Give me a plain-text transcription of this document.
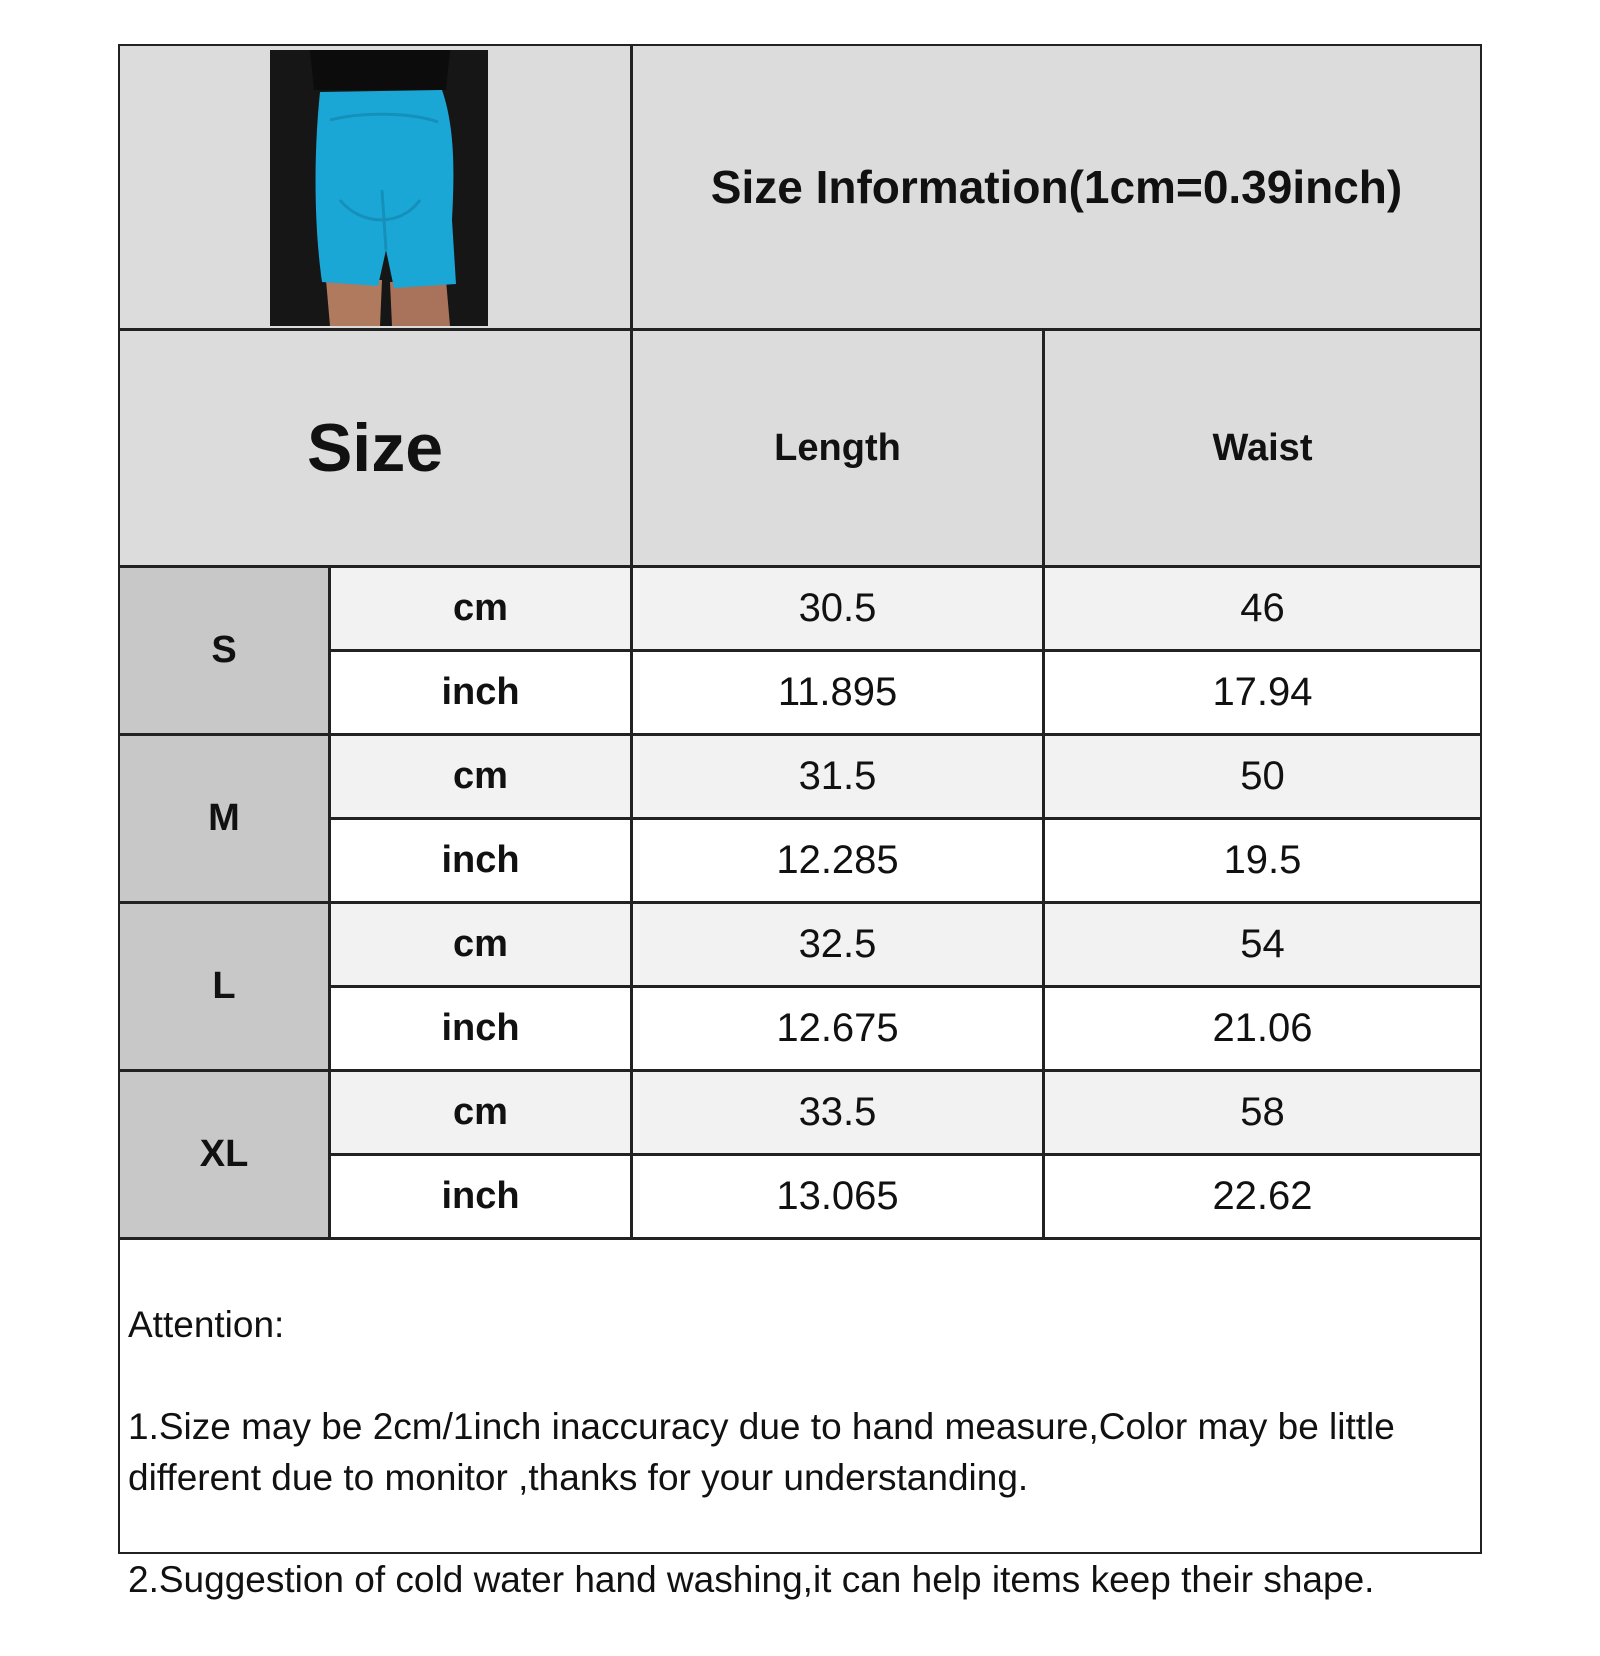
Size Information(1cm=0.39inch)
Size	Length	Waist
S
cm	30.5	46
inch	11.895	17.94
M
cm	31.5	50
inch	12.285	19.5
L
cm	32.5	54
inch	12.675	21.06
XL
cm	33.5	58
inch	13.065	22.62

Attention:

1.Size may be 2cm/1inch inaccuracy due to hand measure,Color may be little different due to monitor ,thanks for your understanding.

2.Suggestion of cold water hand washing,it can help items keep their shape.
